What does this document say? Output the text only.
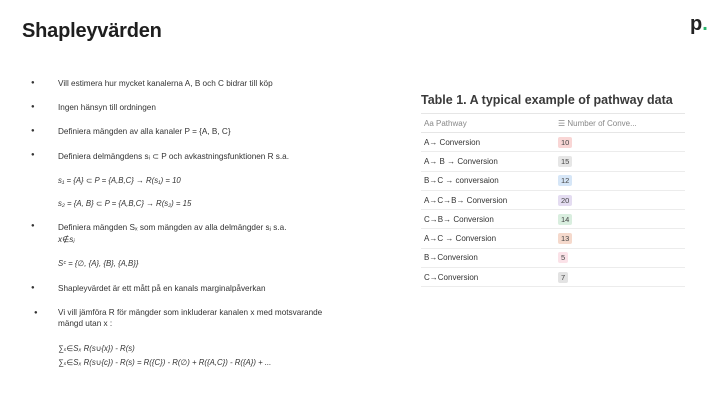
Shapleyvärden	p.
● Vill estimera hur mycket kanalerna A, B och C bidrar till köp
● Ingen hänsyn till ordningen
● Definiera mängden av alla kanaler P = {A, B, C}
● Definiera delmängdens sᵢ ⊂ P och avkastningsfunktionen R s.a.
s₁ = {A} ⊂ P = {A,B,C} → R(s₁) = 10
s₂ = {A, B} ⊂ P = {A,B,C} → R(s₂) = 15
● Definiera mängden Sₓ som mängden av alla delmängder sⱼ s.a.
x∉sⱼ
Sᶜ = {∅, {A}, {B}, {A,B}}
● Shapleyvärdet är ett mått på en kanals marginalpåverkan
● Vi vill jämföra R för mängder som inkluderar kanalen x med motsvarande mängd utan x :
∑ₛ∈Sₓ R(s∪{x}) - R(s)
∑ₛ∈Sₓ R(s∪{c}) - R(s) = R({C}) - R(∅) + R({A,C}) - R({A}) + ...
Table 1. A typical example of pathway data
Aa Pathway	☰ Number of Conve...
A→ Conversion	10
A→ B → Conversion	15
B→C → conversaion	12
A→C→B→ Conversion	20
C→B→ Conversion	14
A→C → Conversion	13
B→Conversion	5
C→Conversion	7
